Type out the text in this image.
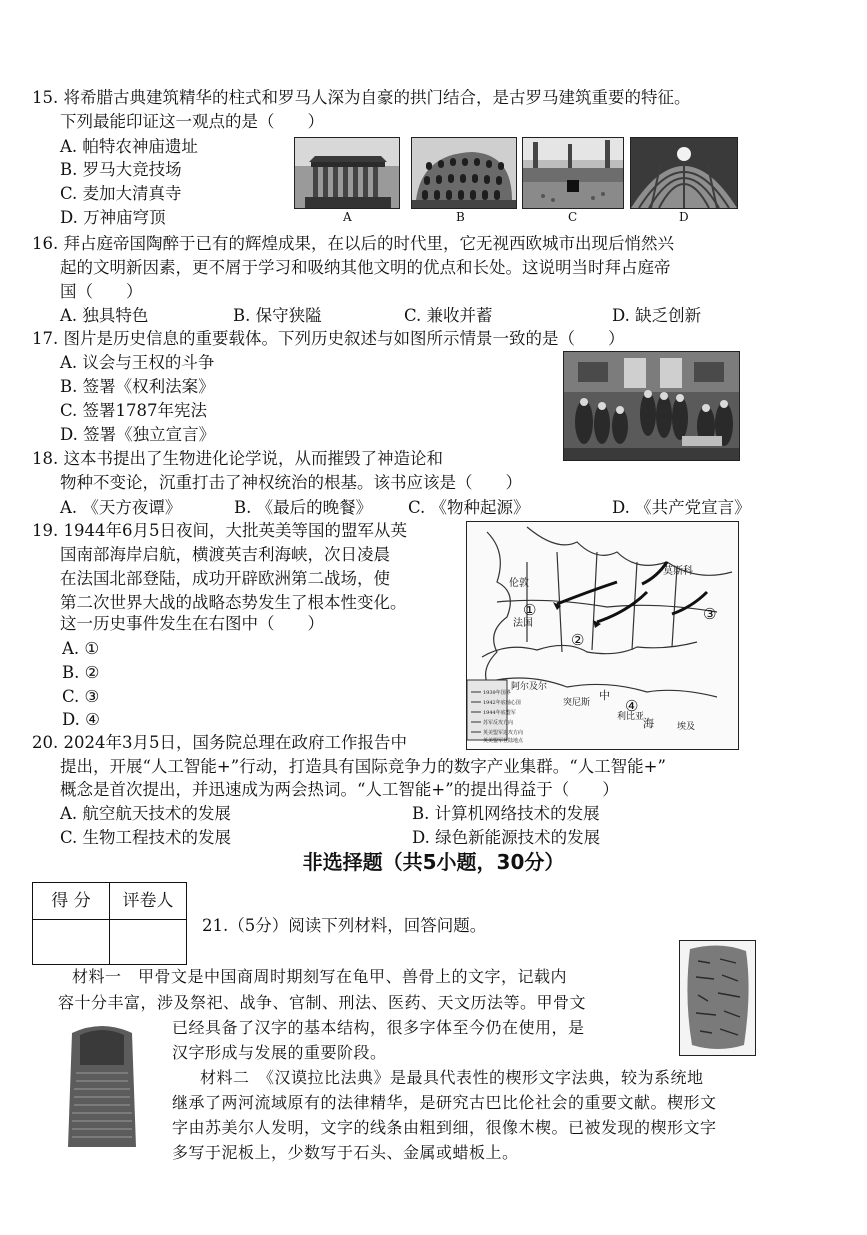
15. 将希腊古典建筑精华的柱式和罗马人深为自豪的拱门结合，是古罗马建筑重要的特征。
下列最能印证这一观点的是（　　）
A. 帕特农神庙遗址
B. 罗马大竞技场
C. 麦加大清真寺
D. 万神庙穹顶	A	B	C	D
16. 拜占庭帝国陶醉于已有的辉煌成果，在以后的时代里，它无视西欧城市出现后悄然兴
起的文明新因素，更不屑于学习和吸纳其他文明的优点和长处。这说明当时拜占庭帝
国（　　）
A. 独具特色	B. 保守狭隘	C. 兼收并蓄	D. 缺乏创新
17. 图片是历史信息的重要载体。下列历史叙述与如图所示情景一致的是（　　）
A. 议会与王权的斗争
B. 签署《权利法案》
C. 签署1787年宪法
D. 签署《独立宣言》
18. 这本书提出了生物进化论学说，从而摧毁了神造论和
物种不变论，沉重打击了神权统治的根基。该书应该是（　　）
A. 《天方夜谭》	B. 《最后的晚餐》 C. 《物种起源》	D. 《共产党宣言》
19. 1944年6月5日夜间，大批英美等国的盟军从英
国南部海岸启航，横渡英吉利海峡，次日凌晨
在法国北部登陆，成功开辟欧洲第二战场，使
第二次世界大战的战略态势发生了根本性变化。
这一历史事件发生在右图中（　　）
A. ①
B. ②
C. ③
D. ④
①
②
③
④
莫斯科
伦敦
法国
中
海
阿尔及尔
突尼斯
利比亚
埃及
1939年国界
1942年底轴心国
1944年底盟军
苏军反攻方向
英美盟军进攻方向
英美盟军登陆地点
20. 2024年3月5日，国务院总理在政府工作报告中
提出，开展“人工智能+”行动，打造具有国际竞争力的数字产业集群。“人工智能+”
概念是首次提出，并迅速成为两会热词。“人工智能+”的提出得益于（　　）
A. 航空航天技术的发展	B. 计算机网络技术的发展
C. 生物工程技术的发展	D. 绿色新能源技术的发展
非选择题（共5小题，30分）
得 分	评卷人

21.（5分）阅读下列材料，回答问题。
材料一　甲骨文是中国商周时期刻写在龟甲、兽骨上的文字，记载内
容十分丰富，涉及祭祀、战争、官制、刑法、医药、天文历法等。甲骨文
已经具备了汉字的基本结构，很多字体至今仍在使用，是
汉字形成与发展的重要阶段。
材料二　《汉谟拉比法典》是最具代表性的楔形文字法典，较为系统地
继承了两河流域原有的法律精华，是研究古巴比伦社会的重要文献。楔形文
字由苏美尔人发明，文字的线条由粗到细，很像木楔。已被发现的楔形文字
多写于泥板上，少数写于石头、金属或蜡板上。
